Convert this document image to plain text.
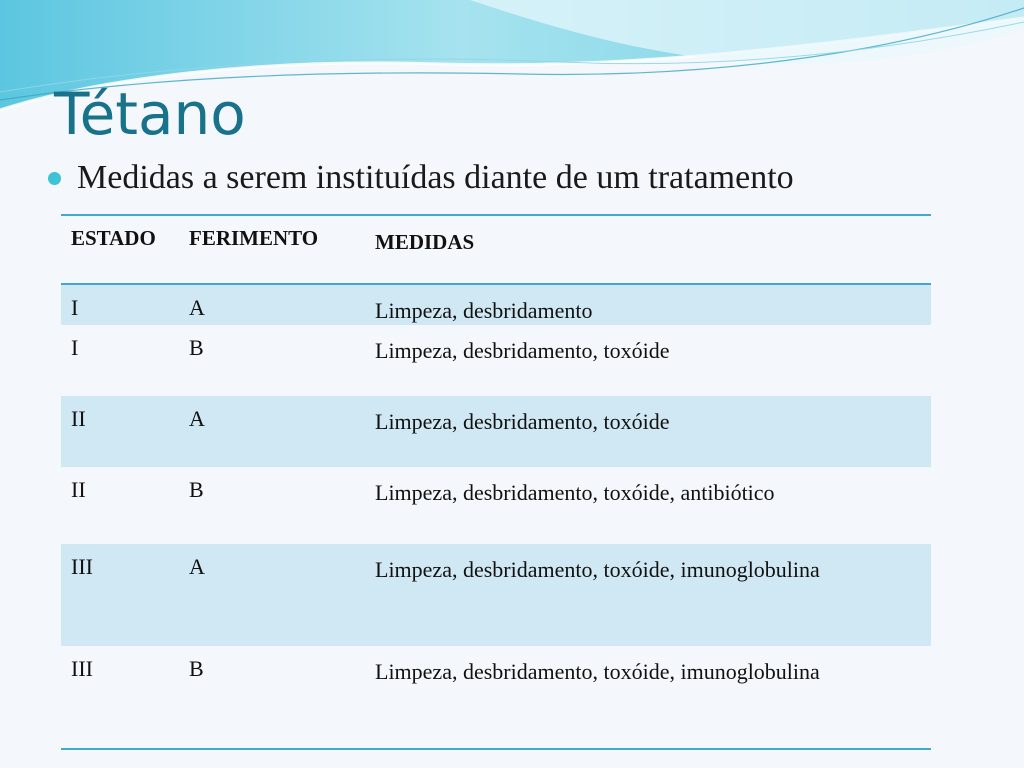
Tétano
Medidas a serem instituídas diante de um tratamento
ESTADO	FERIMENTO	MEDIDAS
I	A	Limpeza, desbridamento
I	B	Limpeza, desbridamento, toxóide
II	A	Limpeza, desbridamento, toxóide
II	B	Limpeza, desbridamento, toxóide, antibiótico
III	A	Limpeza, desbridamento, toxóide, imunoglobulina
III	B	Limpeza, desbridamento, toxóide, imunoglobulina
